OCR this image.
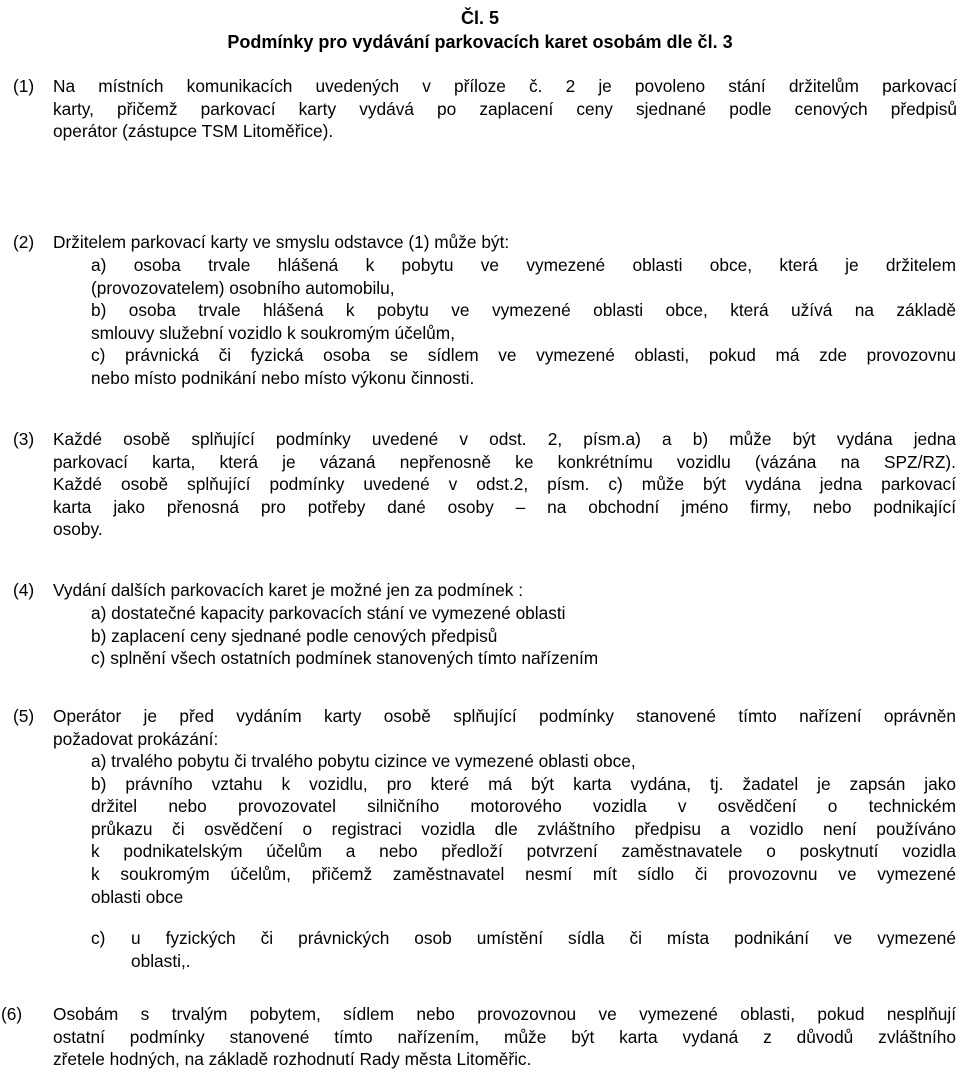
Čl. 5
Podmínky pro vydávání parkovacích karet osobám dle čl. 3
(1) Na místních komunikacích uvedených v příloze č. 2 je povoleno stání držitelům parkovací
karty, přičemž parkovací karty vydává po zaplacení ceny sjednané podle cenových předpisů
operátor (zástupce TSM Litoměřice).
(2) Držitelem parkovací karty ve smyslu odstavce (1) může být:
a) osoba trvale hlášená k pobytu ve vymezené oblasti obce, která je držitelem
(provozovatelem) osobního automobilu,
b) osoba trvale hlášená k pobytu ve vymezené oblasti obce, která užívá na základě
smlouvy služební vozidlo k soukromým účelům,
c) právnická či fyzická osoba se sídlem ve vymezené oblasti, pokud má zde provozovnu
nebo místo podnikání nebo místo výkonu činnosti.
(3) Každé osobě splňující podmínky uvedené v odst. 2, písm.a) a b) může být vydána jedna
parkovací karta, která je vázaná nepřenosně ke konkrétnímu vozidlu (vázána na SPZ/RZ).
Každé osobě splňující podmínky uvedené v odst.2, písm. c) může být vydána jedna parkovací
karta jako přenosná pro potřeby dané osoby – na obchodní jméno firmy, nebo podnikající
osoby.
(4) Vydání dalších parkovacích karet je možné jen za podmínek :
a) dostatečné kapacity parkovacích stání ve vymezené oblasti
b) zaplacení ceny sjednané podle cenových předpisů
c) splnění všech ostatních podmínek stanovených tímto nařízením
(5) Operátor je před vydáním karty osobě splňující podmínky stanovené tímto nařízení oprávněn
požadovat prokázání:
a) trvalého pobytu či trvalého pobytu cizince ve vymezené oblasti obce,
b) právního vztahu k vozidlu, pro které má být karta vydána, tj. žadatel je zapsán jako
držitel nebo provozovatel silničního motorového vozidla v osvědčení o technickém
průkazu či osvědčení o registraci vozidla dle zvláštního předpisu a vozidlo není používáno
k podnikatelským účelům a nebo předloží potvrzení zaměstnavatele o poskytnutí vozidla
k soukromým účelům, přičemž zaměstnavatel nesmí mít sídlo či provozovnu ve vymezené
oblasti obce
c) u fyzických či právnických osob umístění sídla či místa podnikání ve vymezené
oblasti,.
(6) Osobám s trvalým pobytem, sídlem nebo provozovnou ve vymezené oblasti, pokud nesplňují
ostatní podmínky stanovené tímto nařízením, může být karta vydaná z důvodů zvláštního
zřetele hodných, na základě rozhodnutí Rady města Litoměřic.
